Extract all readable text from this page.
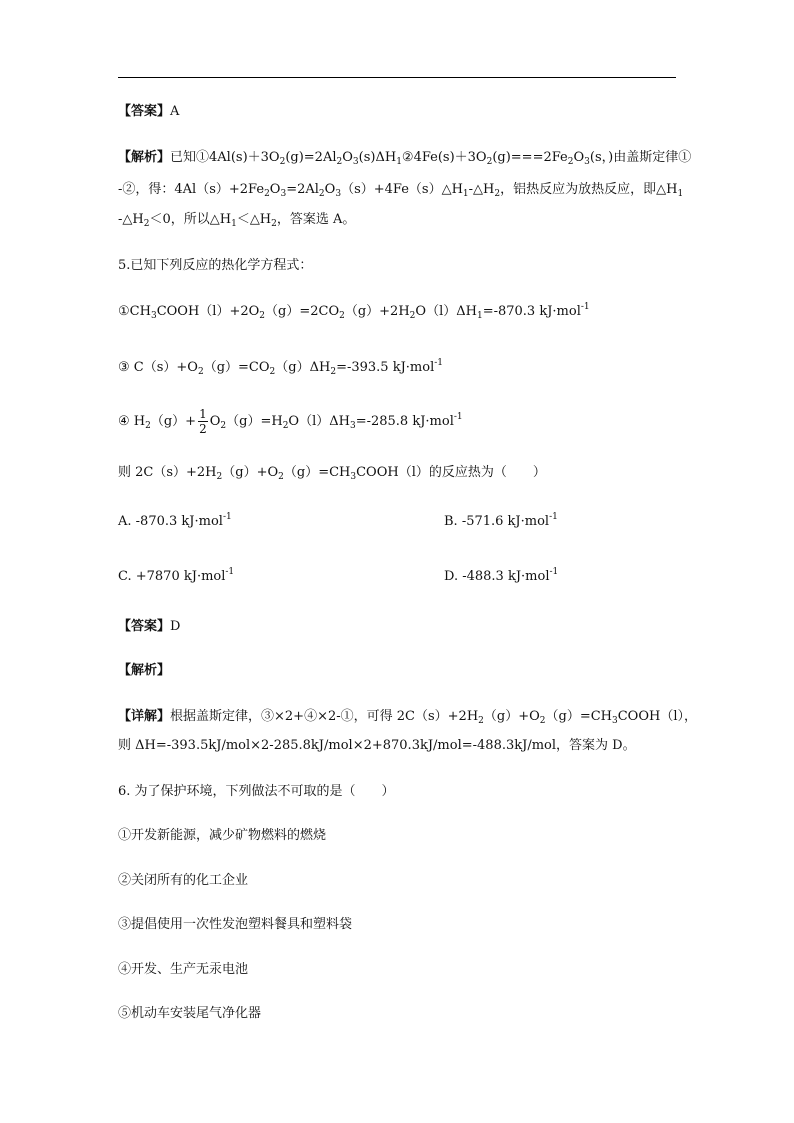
【答案】A
【解析】已知$①4Al(s)+3O_2(g)=2Al_2O_3(s)\Delta H_1②4Fe(s)+3O_2(g)===2Fe_2O_3(s$，)由盖斯定律①
-②，得：$4Al(s)+2Fe_2O_3=2Al_2O_3(s)+4Fe(s)\triangle H_1-\triangle H_2$，铝热反应为放热反应，即$\triangle H_1$
$-\triangle H_2<0$，所以$\triangle H_1<\triangle H_2$，答案选 A。
5.已知下列反应的热化学方程式：
$①CH_3COOH(l)+2O_2(g)=2CO_2(g)+2H_2O(l)\Delta H_1=-870.3$ kJ·mol$^{-1}$
③ $C(s)+O_2(g)=CO_2(g)\Delta H_2=-393.5$ kJ·mol$^{-1}$
④ $H_2(g)+ \frac{1}{2} O_2(g)=H_2O(l)\Delta H_3=-285.8$ kJ·mol$^{-1}$
则 $2C(s)+2H_2(g)+O_2(g)=CH_3COOH(l)$的反应热为（　　）
A. -870.3 kJ·mol$^{-1}$	B. -571.6 kJ·mol$^{-1}$
C. +7870 kJ·mol$^{-1}$	D. -488.3 kJ·mol$^{-1}$
【答案】D
【解析】
【详解】根据盖斯定律，③×2+④×2-①，可得 $2C(s)+2H_2(g)+O_2(g)=CH_3COOH(l)$，
则 ΔH=-393.5kJ/mol×2-285.8kJ/mol×2+870.3kJ/mol=-488.3kJ/mol，答案为 D。
6. 为了保护环境，下列做法不可取的是（　　）
①开发新能源，减少矿物燃料的燃烧
②关闭所有的化工企业
③提倡使用一次性发泡塑料餐具和塑料袋
④开发、生产无汞电池
⑤机动车安装尾气净化器
